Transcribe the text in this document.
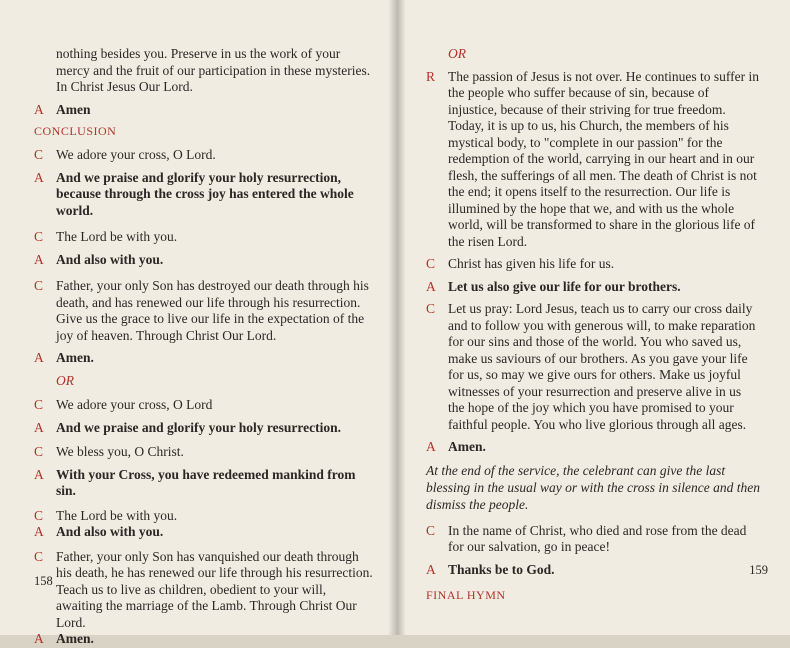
nothing besides you. Preserve in us the work of your mercy and the fruit of our participation in these mysteries. In Christ Jesus Our Lord.
A Amen
CONCLUSION
C We adore your cross, O Lord.
A And we praise and glorify your holy resurrection, because through the cross joy has entered the whole world.
C The Lord be with you.
A And also with you.
C Father, your only Son has destroyed our death through his death, and has renewed our life through his resurrection. Give us the grace to live our life in the expectation of the joy of heaven. Through Christ Our Lord.
A Amen.
OR
C We adore your cross, O Lord
A And we praise and glorify your holy resurrection.
C We bless you, O Christ.
A With your Cross, you have redeemed mankind from sin.
C The Lord be with you.
A And also with you.
C Father, your only Son has vanquished our death through his death, he has renewed our life through his resurrection. Teach us to live as children, obedient to your will, awaiting the marriage of the Lamb. Through Christ Our Lord.
A Amen.
158
OR
R The passion of Jesus is not over. He continues to suffer in the people who suffer because of sin, because of injustice, because of their striving for true freedom. Today, it is up to us, his Church, the members of his mystical body, to "complete in our passion" for the redemption of the world, carrying in our heart and in our flesh, the sufferings of all men. The death of Christ is not the end; it opens itself to the resurrection. Our life is illumined by the hope that we, and with us the whole world, will be transformed to share in the glorious life of the risen Lord.
C Christ has given his life for us.
A Let us also give our life for our brothers.
C Let us pray: Lord Jesus, teach us to carry our cross daily and to follow you with generous will, to make reparation for our sins and those of the world. You who saved us, make us saviours of our brothers. As you gave your life for us, so may we give ours for others. Make us joyful witnesses of your resurrection and preserve alive in us the hope of the joy which you have promised to your faithful people. You who live glorious through all ages.
A Amen.
At the end of the service, the celebrant can give the last blessing in the usual way or with the cross in silence and then dismiss the people.
C In the name of Christ, who died and rose from the dead for our salvation, go in peace!
A Thanks be to God.
FINAL HYMN
159
